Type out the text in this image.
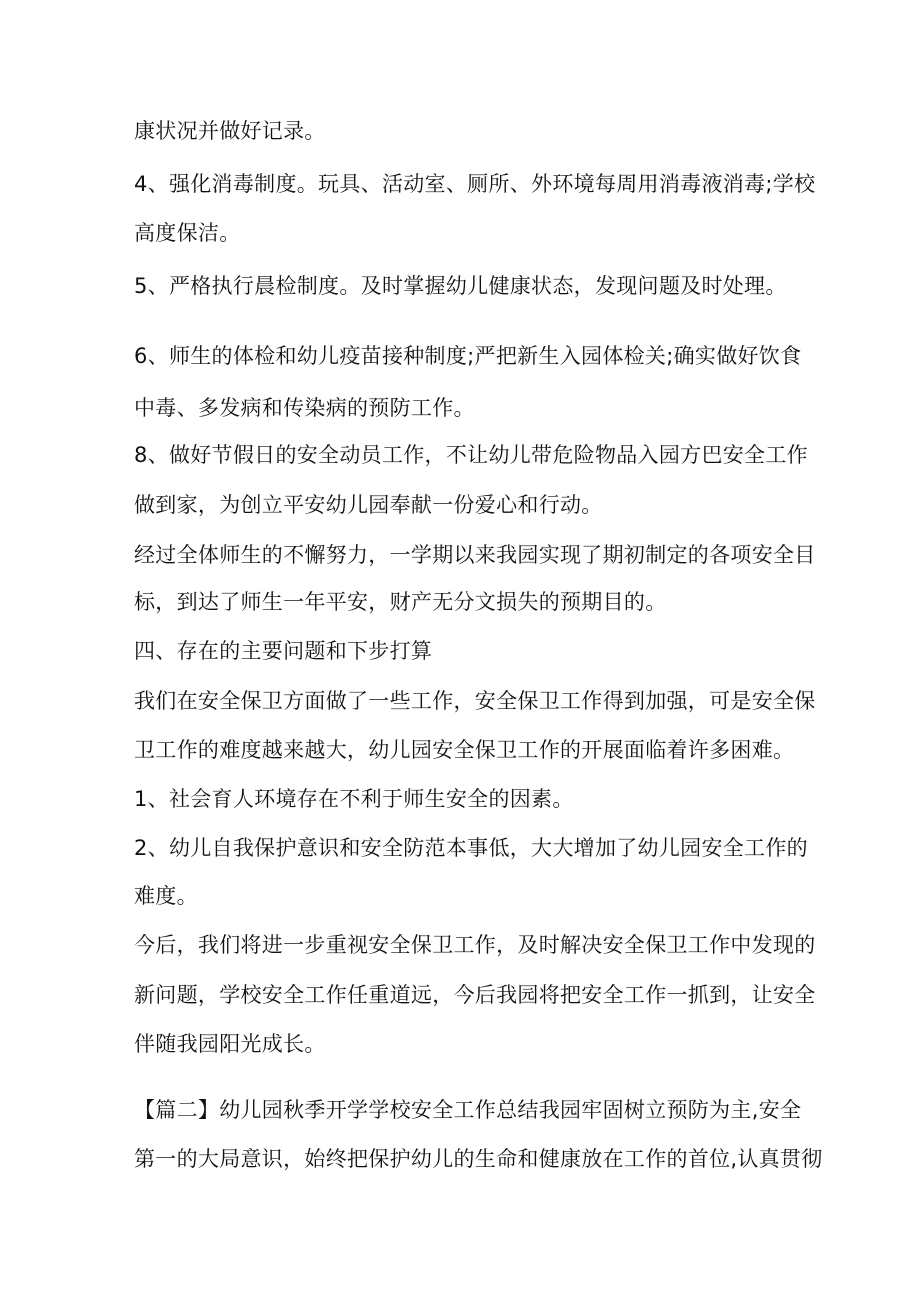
康状况并做好记录。
4、强化消毒制度。玩具、活动室、厕所、外环境每周用消毒液消毒;学校
高度保洁。
5、严格执行晨检制度。及时掌握幼儿健康状态，发现问题及时处理。
6、师生的体检和幼儿疫苗接种制度;严把新生入园体检关;确实做好饮食
中毒、多发病和传染病的预防工作。
8、做好节假日的安全动员工作，不让幼儿带危险物品入园方巴安全工作
做到家，为创立平安幼儿园奉献一份爱心和行动。
经过全体师生的不懈努力，一学期以来我园实现了期初制定的各项安全目
标，到达了师生一年平安，财产无分文损失的预期目的。
四、存在的主要问题和下步打算
我们在安全保卫方面做了一些工作，安全保卫工作得到加强，可是安全保
卫工作的难度越来越大，幼儿园安全保卫工作的开展面临着许多困难。
1、社会育人环境存在不利于师生安全的因素。
2、幼儿自我保护意识和安全防范本事低，大大增加了幼儿园安全工作的
难度。
今后，我们将进一步重视安全保卫工作，及时解决安全保卫工作中发现的
新问题，学校安全工作任重道远，今后我园将把安全工作一抓到，让安全
伴随我园阳光成长。
【篇二】幼儿园秋季开学学校安全工作总结我园牢固树立预防为主,安全
第一的大局意识，始终把保护幼儿的生命和健康放在工作的首位,认真贯彻
